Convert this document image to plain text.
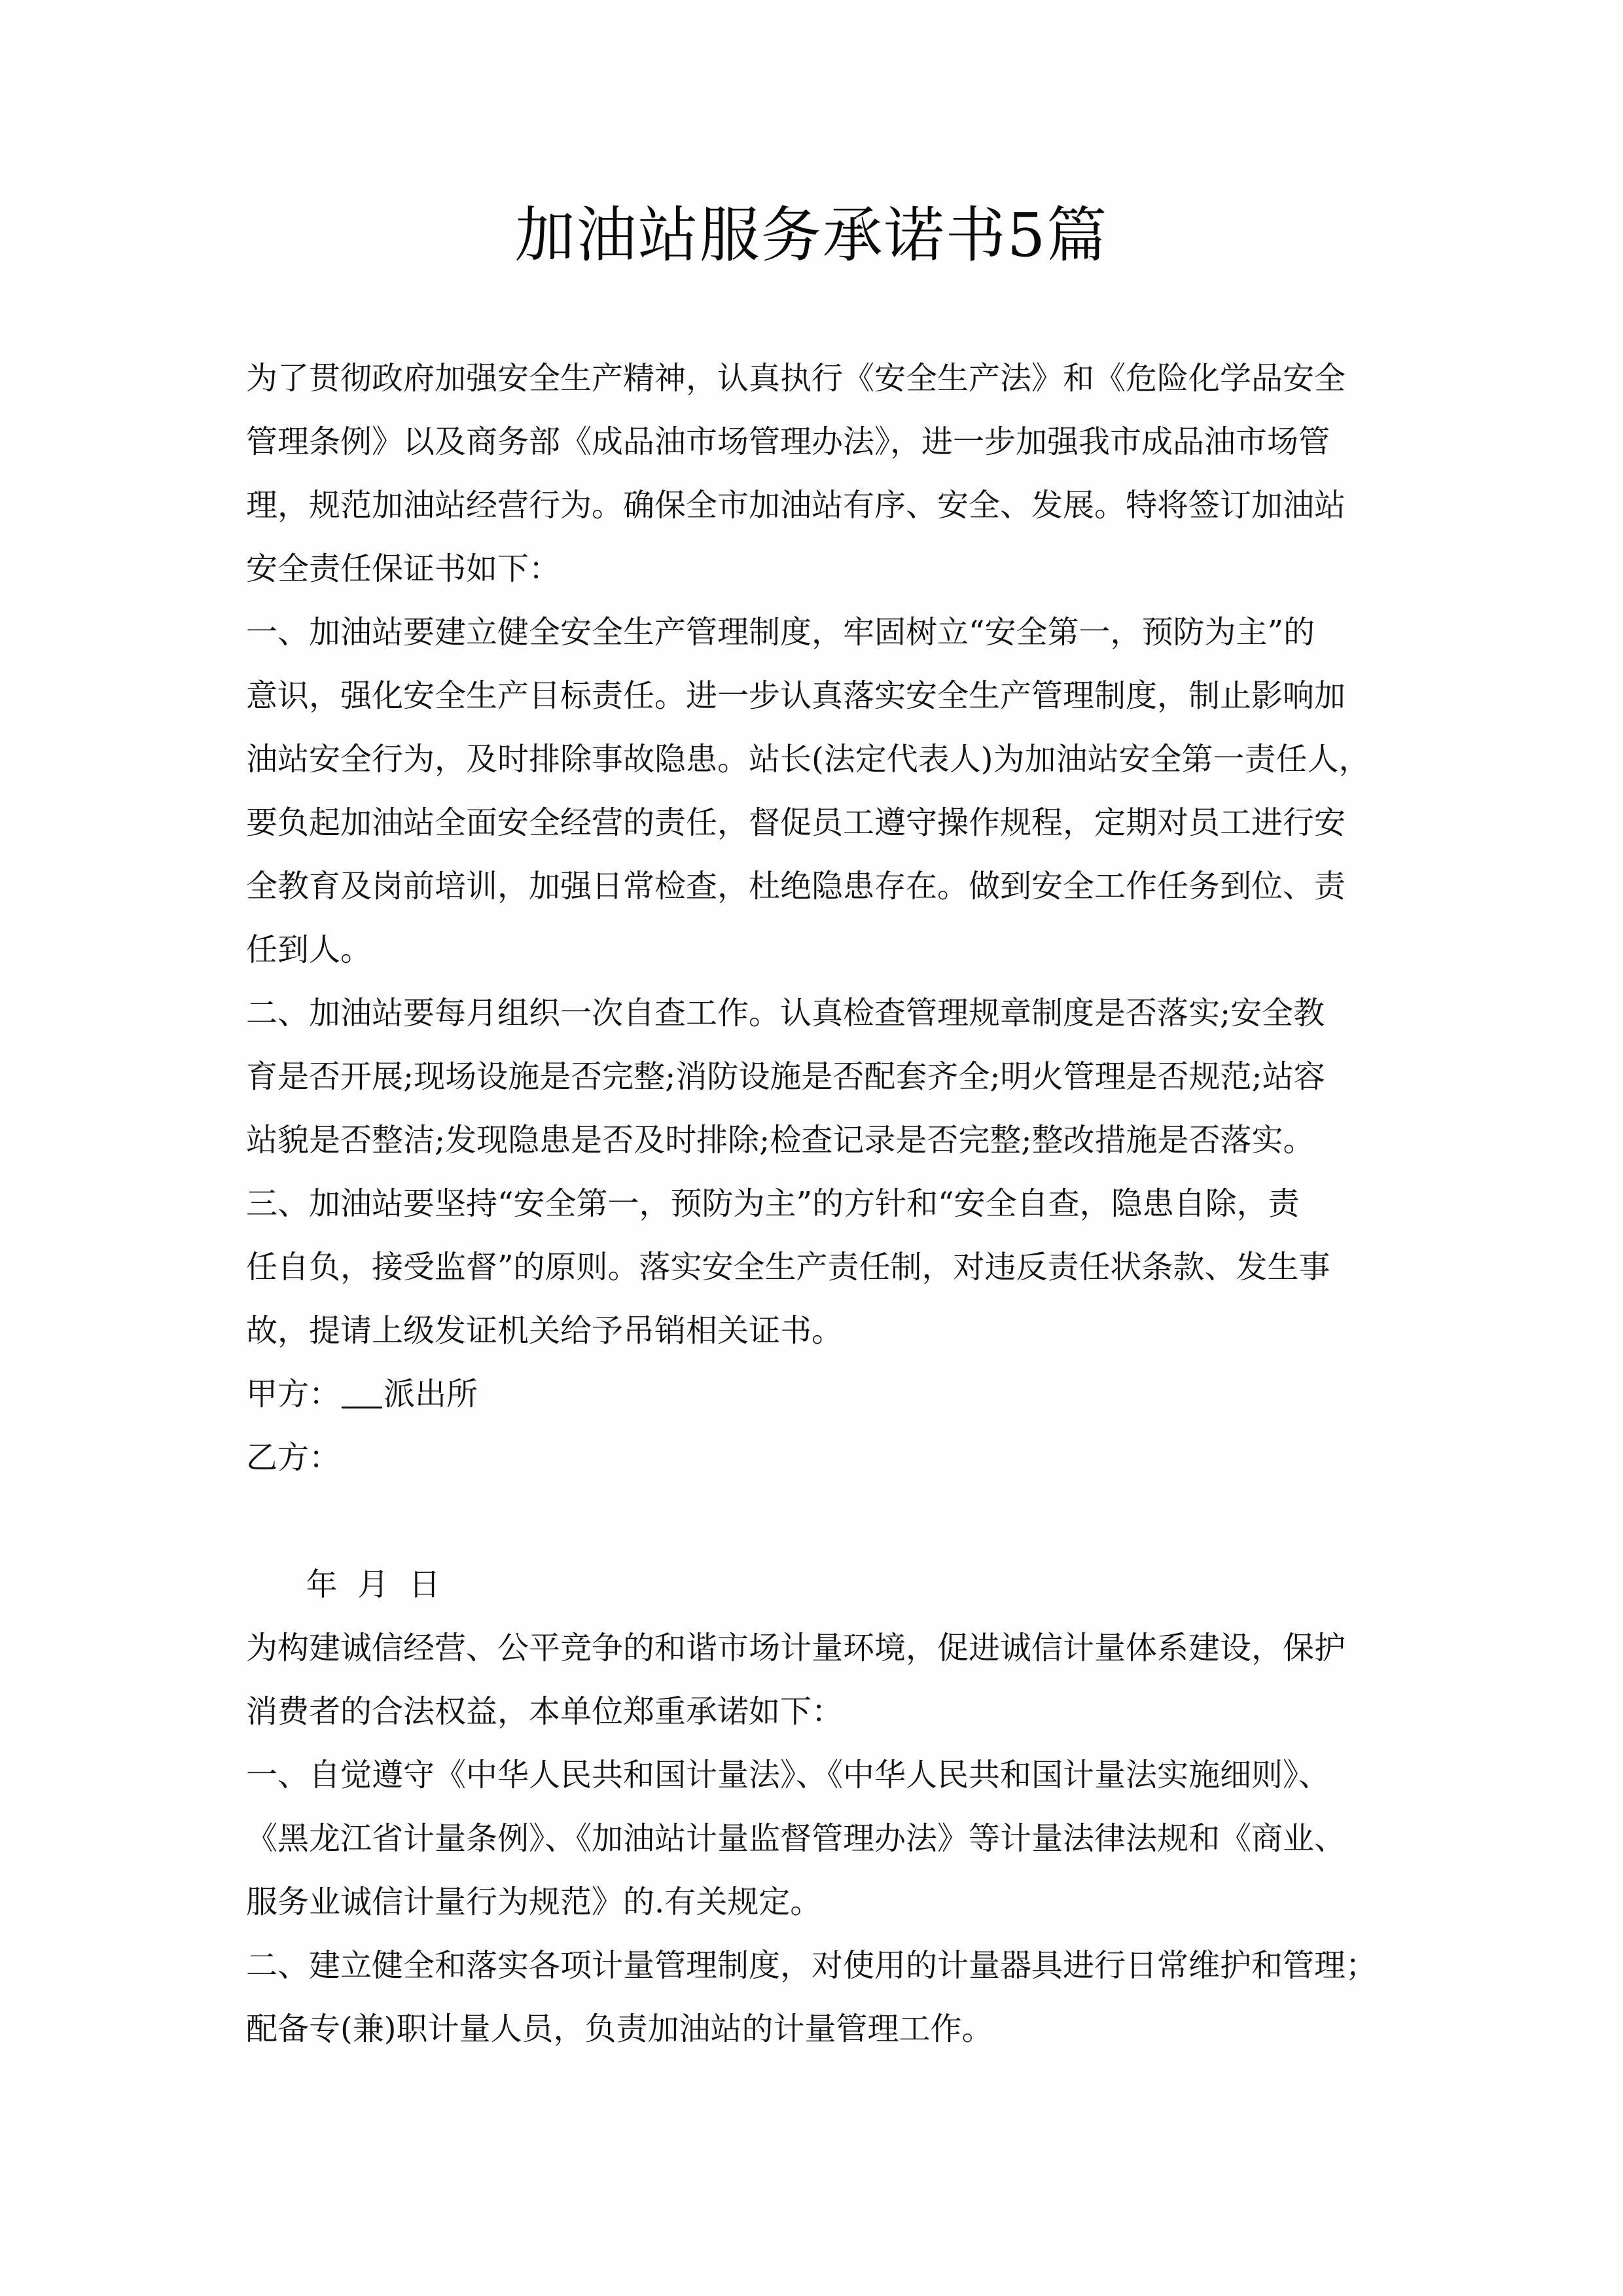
加油站服务承诺书5篇
为了贯彻政府加强安全生产精神，认真执行《安全生产法》和《危险化学品安全
管理条例》以及商务部《成品油市场管理办法》，进一步加强我市成品油市场管
理，规范加油站经营行为。确保全市加油站有序、安全、发展。特将签订加油站
安全责任保证书如下：
一、加油站要建立健全安全生产管理制度，牢固树立“安全第一，预防为主”的
意识，强化安全生产目标责任。进一步认真落实安全生产管理制度，制止影响加
油站安全行为，及时排除事故隐患。站长(法定代表人)为加油站安全第一责任人，
要负起加油站全面安全经营的责任，督促员工遵守操作规程，定期对员工进行安
全教育及岗前培训，加强日常检查，杜绝隐患存在。做到安全工作任务到位、责
任到人。
二、加油站要每月组织一次自查工作。认真检查管理规章制度是否落实;安全教
育是否开展;现场设施是否完整;消防设施是否配套齐全;明火管理是否规范;站容
站貌是否整洁;发现隐患是否及时排除;检查记录是否完整;整改措施是否落实。
三、加油站要坚持“安全第一，预防为主”的方针和“安全自查，隐患自除，责
任自负，接受监督”的原则。落实安全生产责任制，对违反责任状条款、发生事
故，提请上级发证机关给予吊销相关证书。
甲方： 派出所
乙方：

年  月  日

为构建诚信经营、公平竞争的和谐市场计量环境，促进诚信计量体系建设，保护
消费者的合法权益，本单位郑重承诺如下：
一、自觉遵守《中华人民共和国计量法》、《中华人民共和国计量法实施细则》、
《黑龙江省计量条例》、《加油站计量监督管理办法》等计量法律法规和《商业、
服务业诚信计量行为规范》的.有关规定。
二、建立健全和落实各项计量管理制度，对使用的计量器具进行日常维护和管理；
配备专(兼)职计量人员，负责加油站的计量管理工作。
